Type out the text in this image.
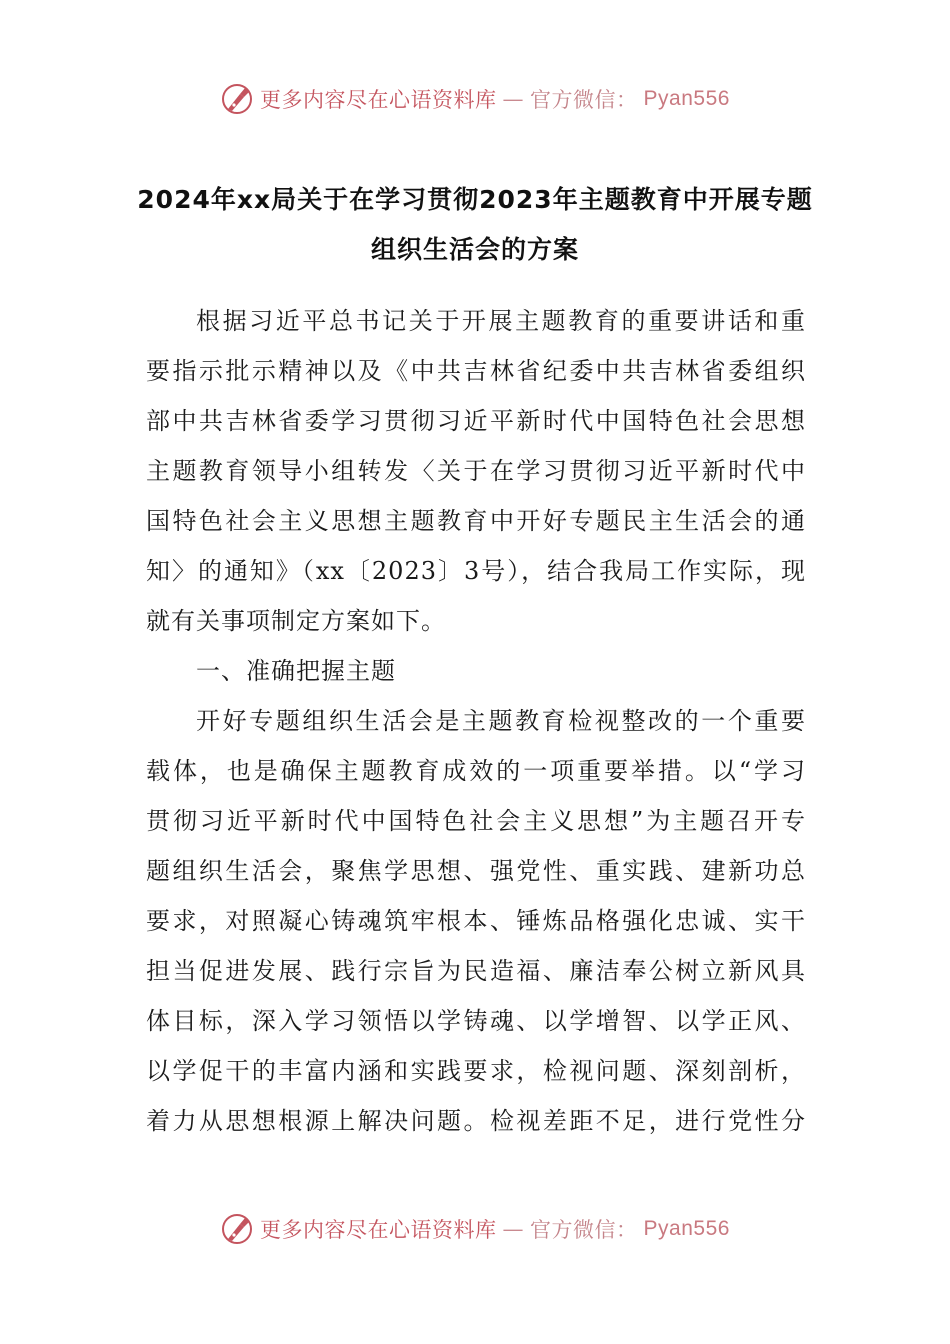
更多内容尽在心语资料库 — 官方微信： Pyan556
2024年xx局关于在学习贯彻2023年主题教育中开展专题
组织生活会的方案
根据习近平总书记关于开展主题教育的重要讲话和重
要指示批示精神以及《中共吉林省纪委中共吉林省委组织
部中共吉林省委学习贯彻习近平新时代中国特色社会思想
主题教育领导小组转发〈关于在学习贯彻习近平新时代中
国特色社会主义思想主题教育中开好专题民主生活会的通
知〉的通知》（xx〔2023〕3号），结合我局工作实际，现
就有关事项制定方案如下。
一、准确把握主题
开好专题组织生活会是主题教育检视整改的一个重要
载体，也是确保主题教育成效的一项重要举措。以“学习
贯彻习近平新时代中国特色社会主义思想”为主题召开专
题组织生活会，聚焦学思想、强党性、重实践、建新功总
要求，对照凝心铸魂筑牢根本、锤炼品格强化忠诚、实干
担当促进发展、践行宗旨为民造福、廉洁奉公树立新风具
体目标，深入学习领悟以学铸魂、以学增智、以学正风、
以学促干的丰富内涵和实践要求，检视问题、深刻剖析，
着力从思想根源上解决问题。检视差距不足，进行党性分
更多内容尽在心语资料库 — 官方微信： Pyan556
